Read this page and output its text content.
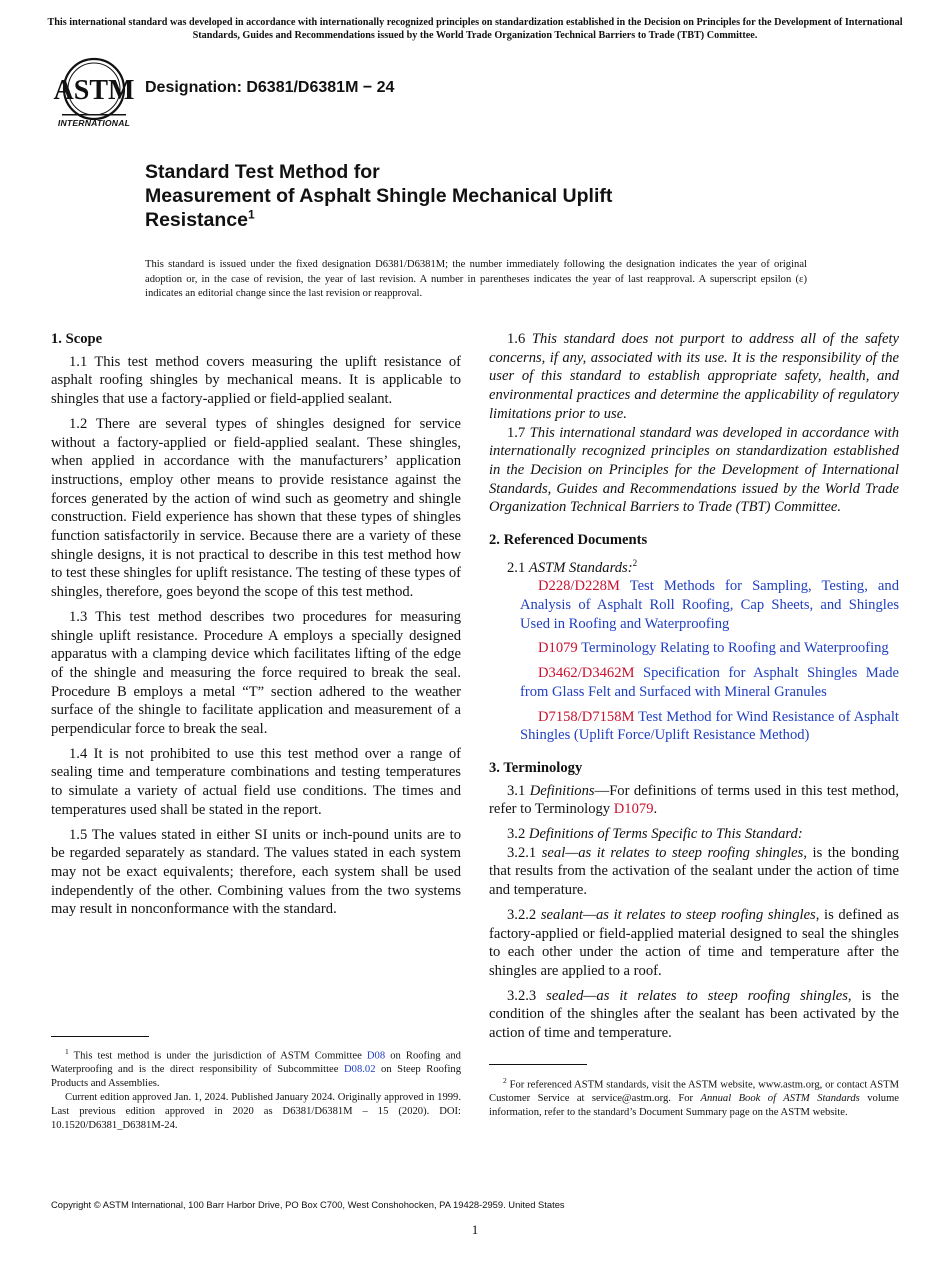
This international standard was developed in accordance with internationally recognized principles on standardization established in the Decision on Principles for the Development of International Standards, Guides and Recommendations issued by the World Trade Organization Technical Barriers to Trade (TBT) Committee.
ASTM
INTERNATIONAL
Designation: D6381/D6381M − 24
Standard Test Method for
Measurement of Asphalt Shingle Mechanical Uplift
Resistance$^1$
This standard is issued under the fixed designation D6381/D6381M; the number immediately following the designation indicates the year of original adoption or, in the case of revision, the year of last revision. A number in parentheses indicates the year of last reapproval. A superscript epsilon (ε) indicates an editorial change since the last revision or reapproval.
1. Scope

1.1 This test method covers measuring the uplift resistance of asphalt roofing shingles by mechanical means. It is applicable to shingles that use a factory-applied or field-applied sealant.

1.2 There are several types of shingles designed for service without a factory-applied or field-applied sealant. These shingles, when applied in accordance with the manufacturers’ application instructions, employ other means to provide resistance against the forces generated by the action of wind such as geometry and shingle construction. Field experience has shown that these types of shingles function satisfactorily in service. Because there are a variety of these shingle designs, it is not practical to describe in this test method how to test these shingles for uplift resistance. The testing of these types of shingles, therefore, goes beyond the scope of this test method.

1.3 This test method describes two procedures for measuring shingle uplift resistance. Procedure A employs a specially designed apparatus with a clamping device which facilitates lifting of the edge of the shingle and measuring the force required to break the seal. Procedure B employs a metal “T” section adhered to the weather surface of the shingle to facilitate application and measurement of a perpendicular force to break the seal.

1.4 It is not prohibited to use this test method over a range of sealing time and temperature combinations and testing temperatures to simulate a variety of actual field use conditions. The times and temperatures used shall be stated in the report.

1.5 The values stated in either SI units or inch-pound units are to be regarded separately as standard. The values stated in each system may not be exact equivalents; therefore, each system shall be used independently of the other. Combining values from the two systems may result in nonconformance with the standard.

$^1$ This test method is under the jurisdiction of ASTM Committee D08 on Roofing and Waterproofing and is the direct responsibility of Subcommittee D08.02 on Steep Roofing Products and Assemblies.

Current edition approved Jan. 1, 2024. Published January 2024. Originally approved in 1999. Last previous edition approved in 2020 as D6381/D6381M – 15 (2020). DOI: 10.1520/D6381_D6381M-24.

1.6 This standard does not purport to address all of the safety concerns, if any, associated with its use. It is the responsibility of the user of this standard to establish appropriate safety, health, and environmental practices and determine the applicability of regulatory limitations prior to use.

1.7 This international standard was developed in accordance with internationally recognized principles on standardization established in the Decision on Principles for the Development of International Standards, Guides and Recommendations issued by the World Trade Organization Technical Barriers to Trade (TBT) Committee.

2. Referenced Documents

2.1 ASTM Standards:$^2$

D228/D228M Test Methods for Sampling, Testing, and Analysis of Asphalt Roll Roofing, Cap Sheets, and Shingles Used in Roofing and Waterproofing

D1079 Terminology Relating to Roofing and Waterproofing

D3462/D3462M Specification for Asphalt Shingles Made from Glass Felt and Surfaced with Mineral Granules

D7158/D7158M Test Method for Wind Resistance of Asphalt Shingles (Uplift Force/Uplift Resistance Method)

3. Terminology

3.1 Definitions—For definitions of terms used in this test method, refer to Terminology D1079.

3.2 Definitions of Terms Specific to This Standard:

3.2.1 seal—as it relates to steep roofing shingles, is the bonding that results from the activation of the sealant under the action of time and temperature.

3.2.2 sealant—as it relates to steep roofing shingles, is defined as factory-applied or field-applied material designed to seal the shingles to each other under the action of time and temperature after the shingles are applied to a roof.

3.2.3 sealed—as it relates to steep roofing shingles, is the condition of the shingles after the sealant has been activated by the action of time and temperature.

$^2$ For referenced ASTM standards, visit the ASTM website, www.astm.org, or contact ASTM Customer Service at service@astm.org. For Annual Book of ASTM Standards volume information, refer to the standard’s Document Summary page on the ASTM website.

Copyright © ASTM International, 100 Barr Harbor Drive, PO Box C700, West Conshohocken, PA 19428-2959. United States
1
